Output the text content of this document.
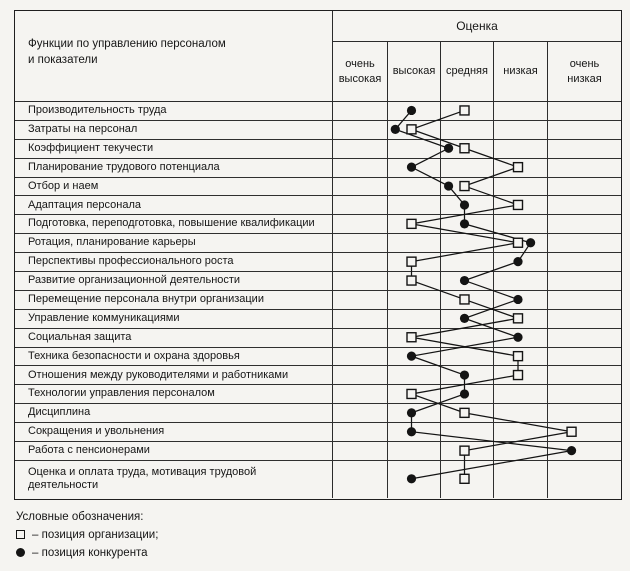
Функции по управлению персоналом
и показатели
Оценка
очень
высокая
высокая средняя	низкая
очень
низкая
Производительность труда
Затраты на персонал
Коэффициент текучести
Планирование трудового потенциала
Отбор и наем
Адаптация персонала
Подготовка, переподготовка, повышение квалификации
Ротация, планирование карьеры
Перспективы профессионального роста
Развитие организационной деятельности
Перемещение персонала внутри организации
Управление коммуникациями
Социальная защита
Техника безопасности и охрана здоровья
Отношения между руководителями и работниками
Технологии управления персоналом
Дисциплина
Сокращения и увольнения
Работа с пенсионерами
Оценка и оплата труда, мотивация трудовой деятельности
Условные обозначения:
– позиция организации;
– позиция конкурента
